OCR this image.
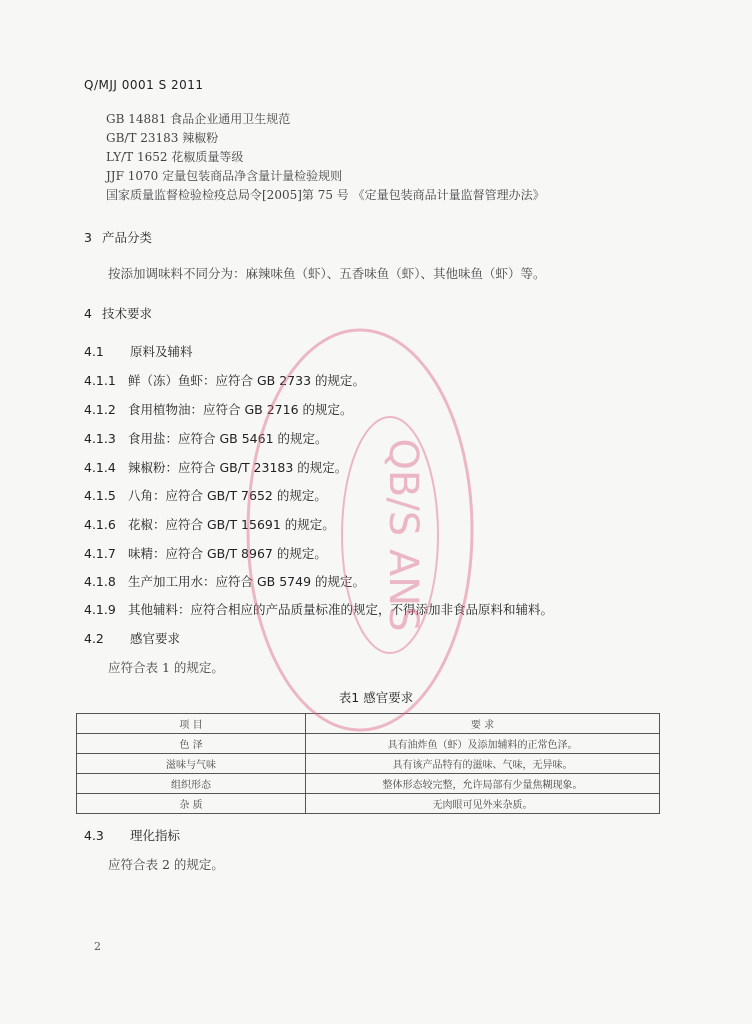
Q/MJJ 0001 S 2011
GB 14881 食品企业通用卫生规范
GB/T 23183 辣椒粉
LY/T 1652 花椒质量等级
JJF 1070 定量包装商品净含量计量检验规则
国家质量监督检验检疫总局令[2005]第 75 号 《定量包装商品计量监督管理办法》
3 产品分类
按添加调味料不同分为：麻辣味鱼（虾）、五香味鱼（虾）、其他味鱼（虾）等。
4 技术要求
4.1 原料及辅料
4.1.1 鲜（冻）鱼虾：应符合 GB 2733 的规定。
4.1.2 食用植物油：应符合 GB 2716 的规定。
4.1.3 食用盐：应符合 GB 5461 的规定。
4.1.4 辣椒粉：应符合 GB/T 23183 的规定。
4.1.5 八角：应符合 GB/T 7652 的规定。
4.1.6 花椒：应符合 GB/T 15691 的规定。
4.1.7 味精：应符合 GB/T 8967 的规定。
4.1.8 生产加工用水：应符合 GB 5749 的规定。
4.1.9 其他辅料：应符合相应的产品质量标准的规定，不得添加非食品原料和辅料。
4.2 感官要求
应符合表 1 的规定。
表1 感官要求
项 目	要 求
色 泽	具有油炸鱼（虾）及添加辅料的正常色泽。
滋味与气味	具有该产品特有的滋味、气味，无异味。
组织形态	整体形态较完整，允许局部有少量焦糊现象。
杂 质	无肉眼可见外来杂质。
4.3 理化指标
应符合表 2 的规定。
2
QB/S ANS
